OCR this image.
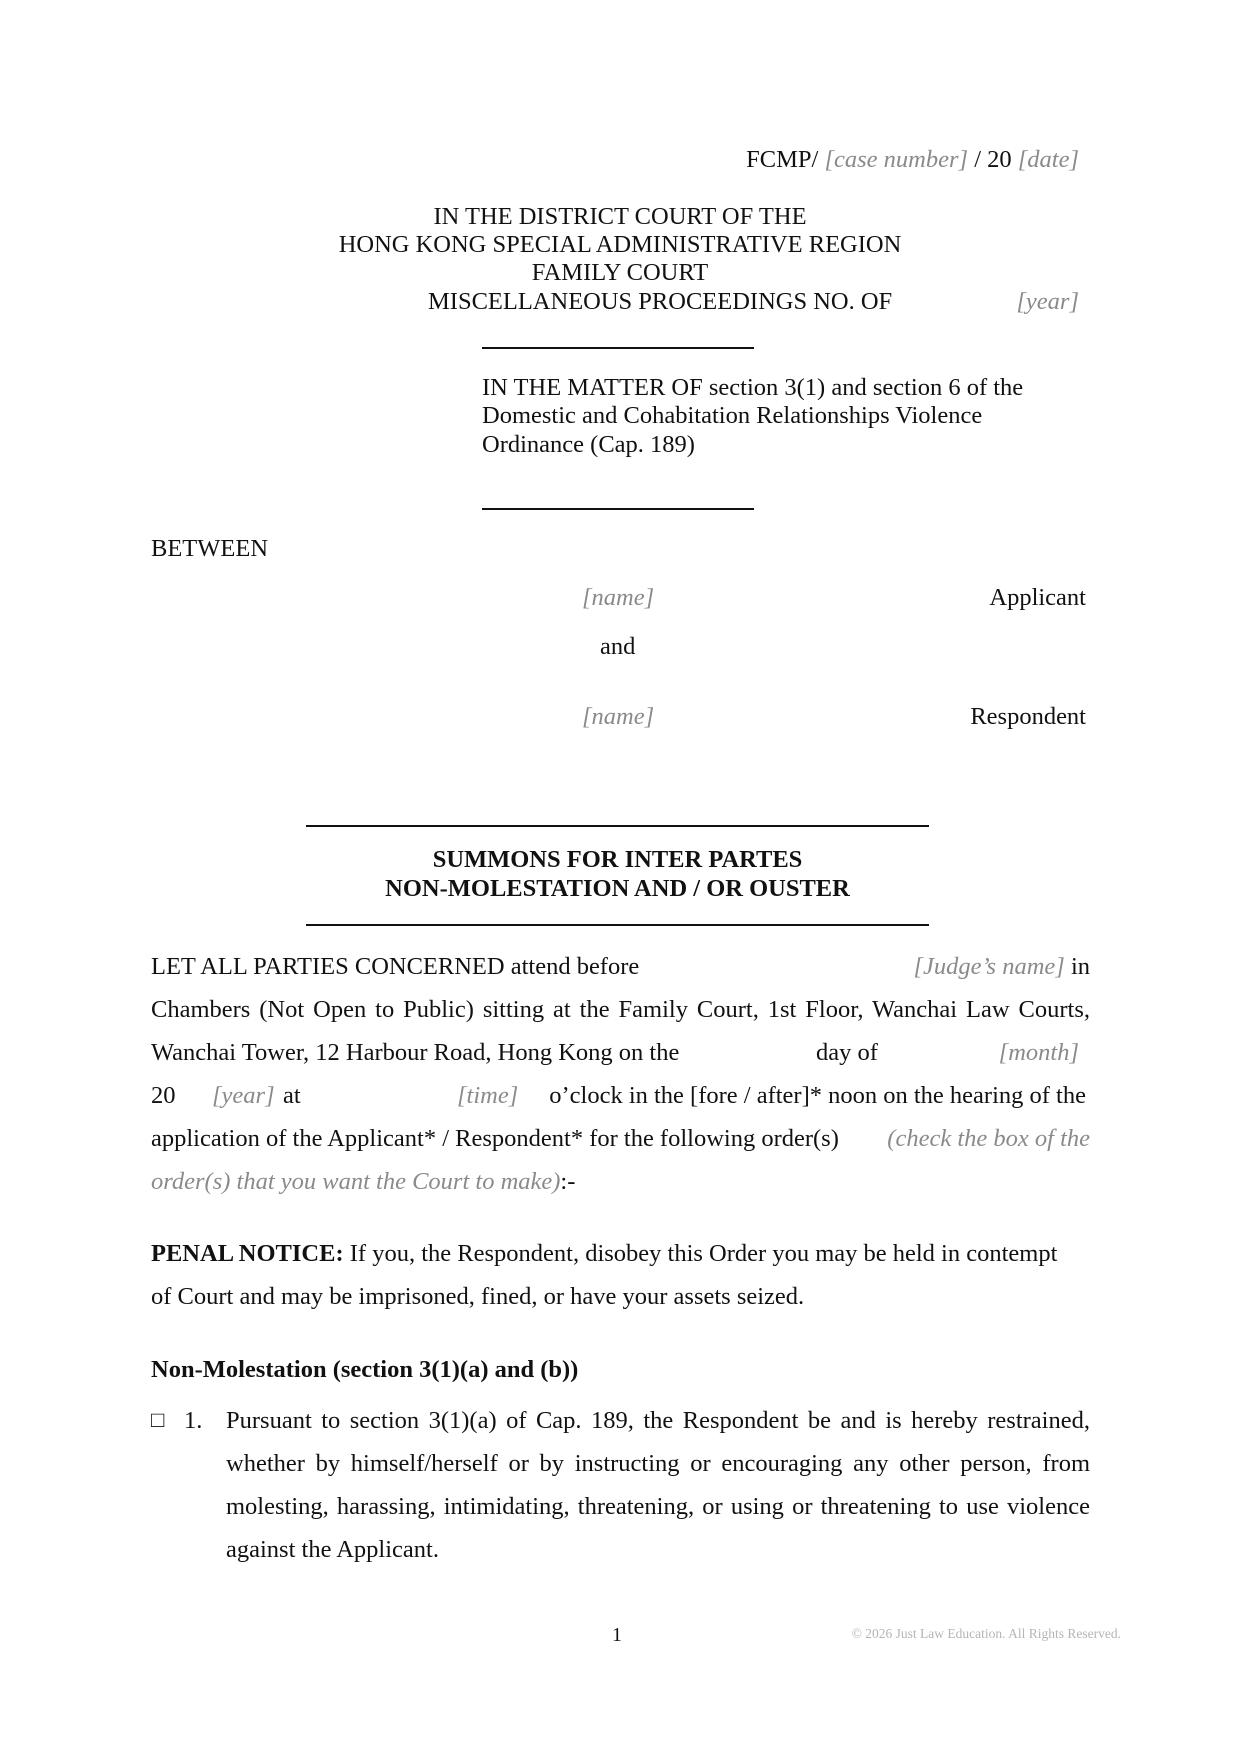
FCMP/ [case number] / 20 [date]
IN THE DISTRICT COURT OF THE
HONG KONG SPECIAL ADMINISTRATIVE REGION
FAMILY COURT
MISCELLANEOUS PROCEEDINGS NO. OF	[year]
IN THE MATTER OF section 3(1) and section 6 of the
Domestic and Cohabitation Relationships Violence
Ordinance (Cap. 189)
BETWEEN
[name]	Applicant
and
[name]	Respondent
SUMMONS FOR INTER PARTES
NON-MOLESTATION AND / OR OUSTER
LET ALL PARTIES CONCERNED attend before	[Judge’s name] in
Chambers (Not Open to Public) sitting at the Family Court, 1st Floor, Wanchai Law Courts,
Wanchai Tower, 12 Harbour Road, Hong Kong on the	day of	[month]
20 [year] at	[time] o’clock in the [fore / after]* noon on the hearing of the
application of the Applicant* / Respondent* for the following order(s) (check the box of the
order(s) that you want the Court to make):-
PENAL NOTICE: If you, the Respondent, disobey this Order you may be held in contempt
of Court and may be imprisoned, fined, or have your assets seized.
Non-Molestation (section 3(1)(a) and (b))
□ 1. Pursuant to section 3(1)(a) of Cap. 189, the Respondent be and is hereby restrained,
whether by himself/herself or by instructing or encouraging any other person, from
molesting, harassing, intimidating, threatening, or using or threatening to use violence
against the Applicant.
1	© 2026 Just Law Education. All Rights Reserved.
